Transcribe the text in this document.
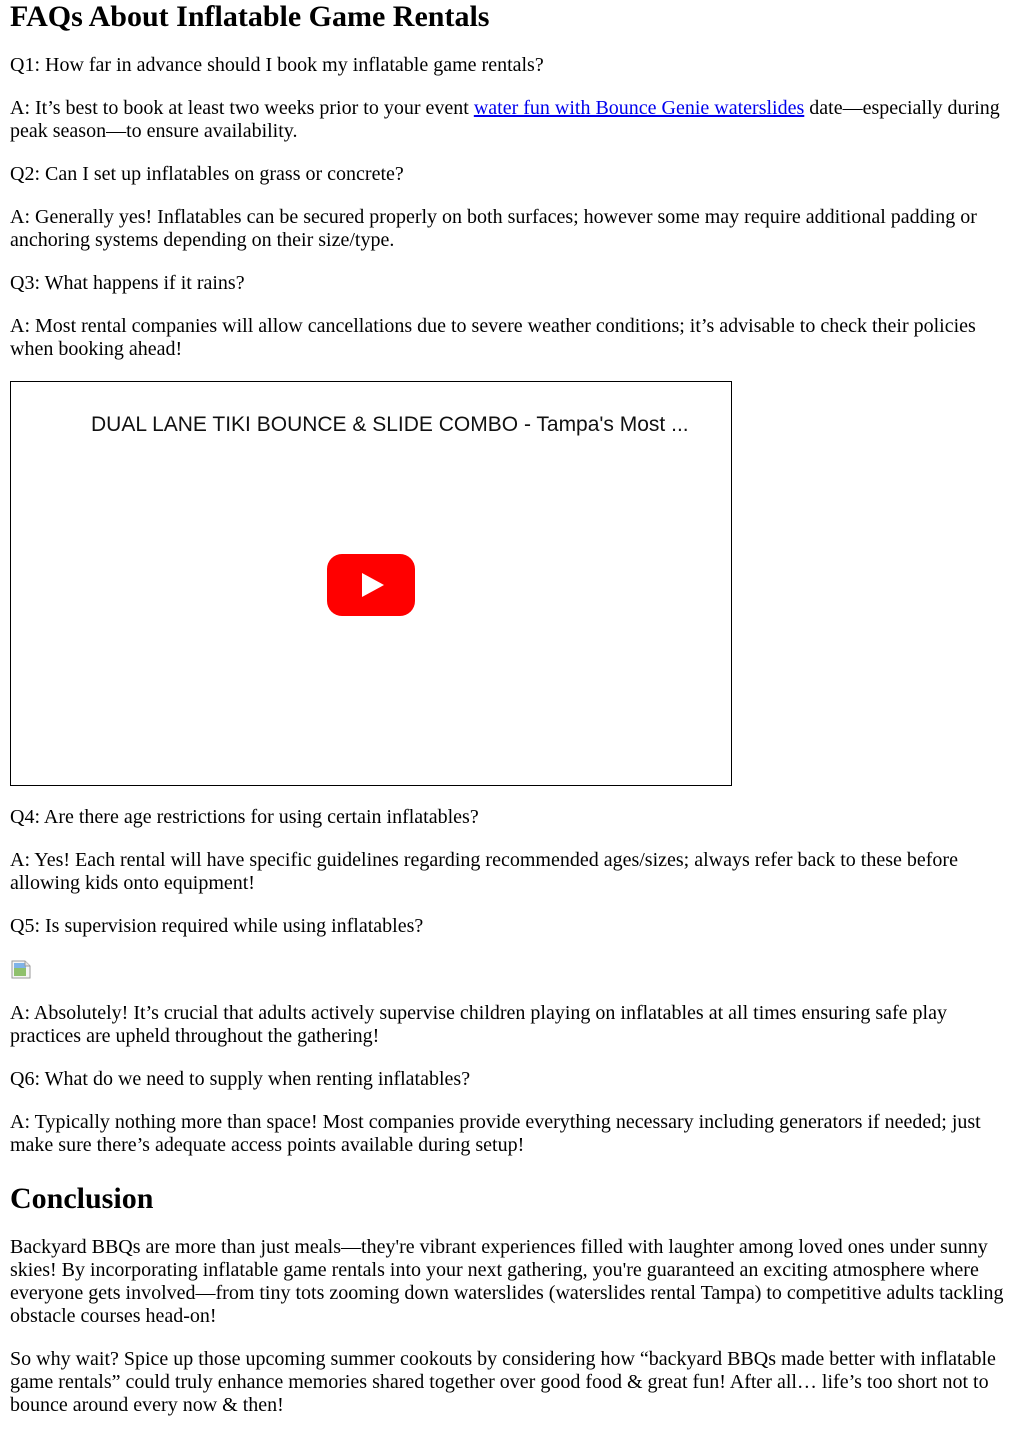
FAQs About Inflatable Game Rentals

Q1: How far in advance should I book my inflatable game rentals?

A: It’s best to book at least two weeks prior to your event water fun with Bounce Genie waterslides date—especially during peak season—to ensure availability.

Q2: Can I set up inflatables on grass or concrete?

A: Generally yes! Inflatables can be secured properly on both surfaces; however some may require additional padding or anchoring systems depending on their size/type.

Q3: What happens if it rains?

A: Most rental companies will allow cancellations due to severe weather conditions; it’s advisable to check their policies when booking ahead!

DUAL LANE TIKI BOUNCE & SLIDE COMBO - Tampa's Most ...

Q4: Are there age restrictions for using certain inflatables?

A: Yes! Each rental will have specific guidelines regarding recommended ages/sizes; always refer back to these before allowing kids onto equipment!

Q5: Is supervision required while using inflatables?

A: Absolutely! It’s crucial that adults actively supervise children playing on inflatables at all times ensuring safe play practices are upheld throughout the gathering!

Q6: What do we need to supply when renting inflatables?

A: Typically nothing more than space! Most companies provide everything necessary including generators if needed; just make sure there’s adequate access points available during setup!

Conclusion

Backyard BBQs are more than just meals—they're vibrant experiences filled with laughter among loved ones under sunny skies! By incorporating inflatable game rentals into your next gathering, you're guaranteed an exciting atmosphere where everyone gets involved—from tiny tots zooming down waterslides (waterslides rental Tampa) to competitive adults tackling obstacle courses head-on!

So why wait? Spice up those upcoming summer cookouts by considering how “backyard BBQs made better with inflatable game rentals” could truly enhance memories shared together over good food & great fun! After all… life’s too short not to bounce around every now & then!
